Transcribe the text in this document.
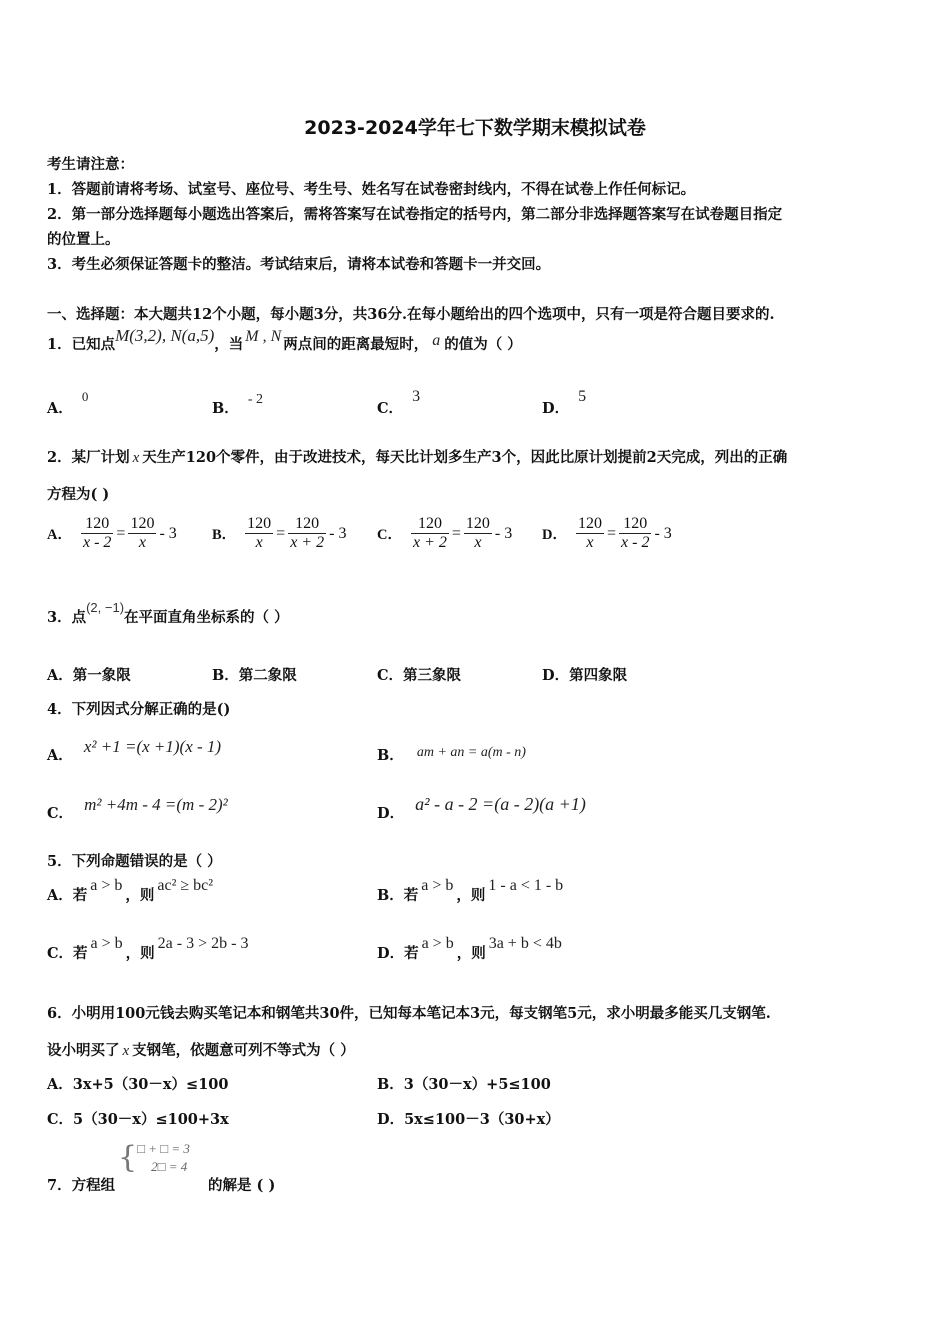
2023-2024学年七下数学期末模拟试卷
考生请注意：
1．答题前请将考场、试室号、座位号、考生号、姓名写在试卷密封线内，不得在试卷上作任何标记。
2．第一部分选择题每小题选出答案后，需将答案写在试卷指定的括号内，第二部分非选择题答案写在试卷题目指定
的位置上。
3．考生必须保证答题卡的整洁。考试结束后，请将本试卷和答题卡一并交回。
一、选择题：本大题共12个小题，每小题3分，共36分.在每小题给出的四个选项中，只有一项是符合题目要求的.
1．已知点 M(3,2), N(a,5) ，当 M , N 两点间的距离最短时， a 的值为（ ）
A． 0
B． - 2
C． 3
D． 5
2．某厂计划 x 天生产120个零件，由于改进技术，每天比计划多生产3个，因此比原计划提前2天完成，列出的正确
方程为( )
A． $\frac{120}{x - 2} = \frac{120}{x} - 3$ B． $\frac{120}{x} = \frac{120}{x + 2} - 3$ C． $\frac{120}{x + 2} = \frac{120}{x} - 3$ D． $\frac{120}{x} = \frac{120}{x - 2} - 3$
3．点
(2, −1)
在平面直角坐标系的（ ）
A．第一象限	B．第二象限	C．第三象限	D．第四象限
4．下列因式分解正确的是()
A． x² +1 =(x +1)(x - 1)	B． am + an = a(m - n)
C． m² +4m - 4 =(m - 2)²	D． a² - a - 2 =(a - 2)(a +1)
5．下列命题错误的是（ ）
A．若
a > b
，则
ac² ≥ bc²
B．若
a > b
，则
1 - a < 1 - b
C．若
a > b
，则
2a - 3 > 2b - 3
D．若
a > b
，则
3a + b < 4b
6．小明用100元钱去购买笔记本和钢笔共30件，已知每本笔记本3元，每支钢笔5元，求小明最多能买几支钢笔.
设小明买了 x 支钢笔，依题意可列不等式为（ ）
A．3x+5（30－x）≤100	B．3（30－x）+5≤100
C．5（30－x）≤100+3x	D．5x≤100－3（30+x）
7．方程组
{ □ + □ = 3
2□ = 4
的解是 ( )
